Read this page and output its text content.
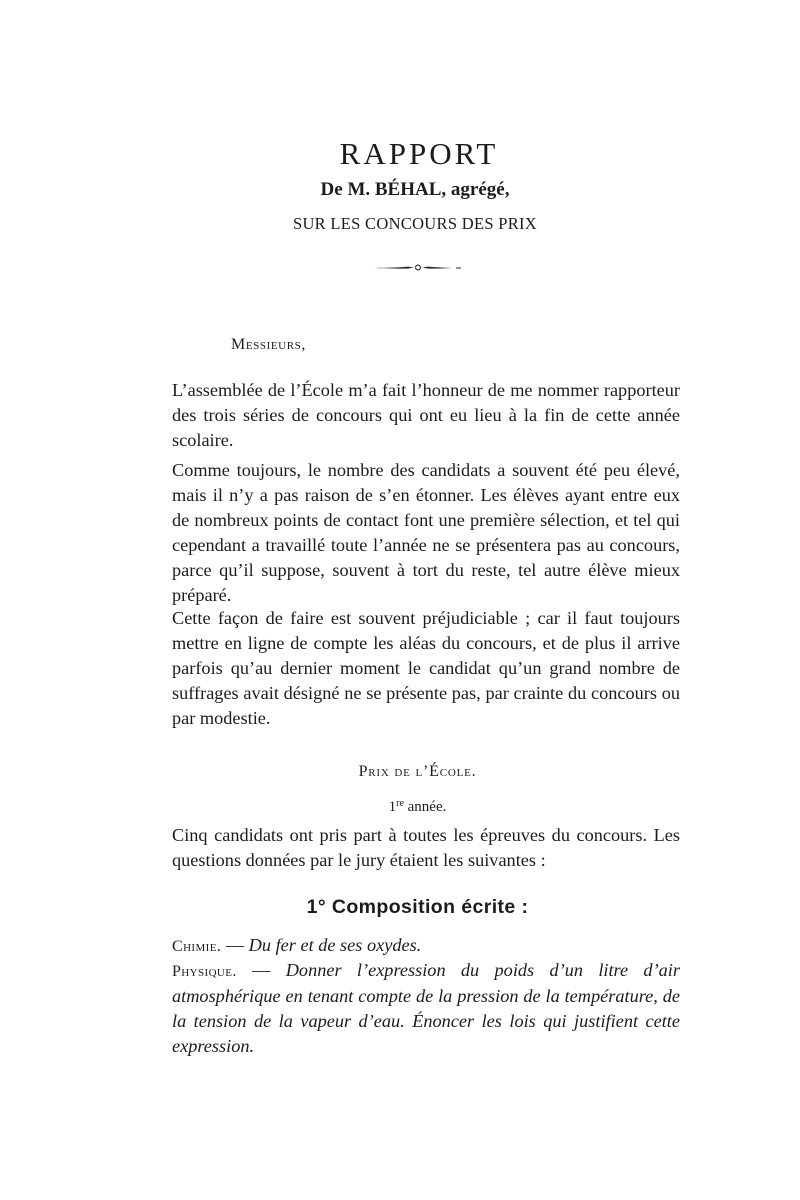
RAPPORT
De M. BÉHAL, agrégé,
SUR LES CONCOURS DES PRIX
Messieurs,

L’assemblée de l’École m’a fait l’honneur de me nommer rapporteur des trois séries de concours qui ont eu lieu à la fin de cette année scolaire.

Comme toujours, le nombre des candidats a souvent été peu élevé, mais il n’y a pas raison de s’en étonner. Les élèves ayant entre eux de nombreux points de contact font une première sélection, et tel qui cependant a travaillé toute l’année ne se présentera pas au concours, parce qu’il suppose, souvent à tort du reste, tel autre élève mieux préparé.

Cette façon de faire est souvent préjudiciable ; car il faut toujours mettre en ligne de compte les aléas du concours, et de plus il arrive parfois qu’au dernier moment le candidat qu’un grand nombre de suffrages avait désigné ne se présente pas, par crainte du concours ou par modestie.

Prix de l’École.
1re année.

Cinq candidats ont pris part à toutes les épreuves du concours. Les questions données par le jury étaient les suivantes :

1° Composition écrite :
Chimie. — Du fer et de ses oxydes.
Physique. — Donner l’expression du poids d’un litre d’air atmosphérique en tenant compte de la pression de la température, de la tension de la vapeur d’eau. Énoncer les lois qui justifient cette expression.
